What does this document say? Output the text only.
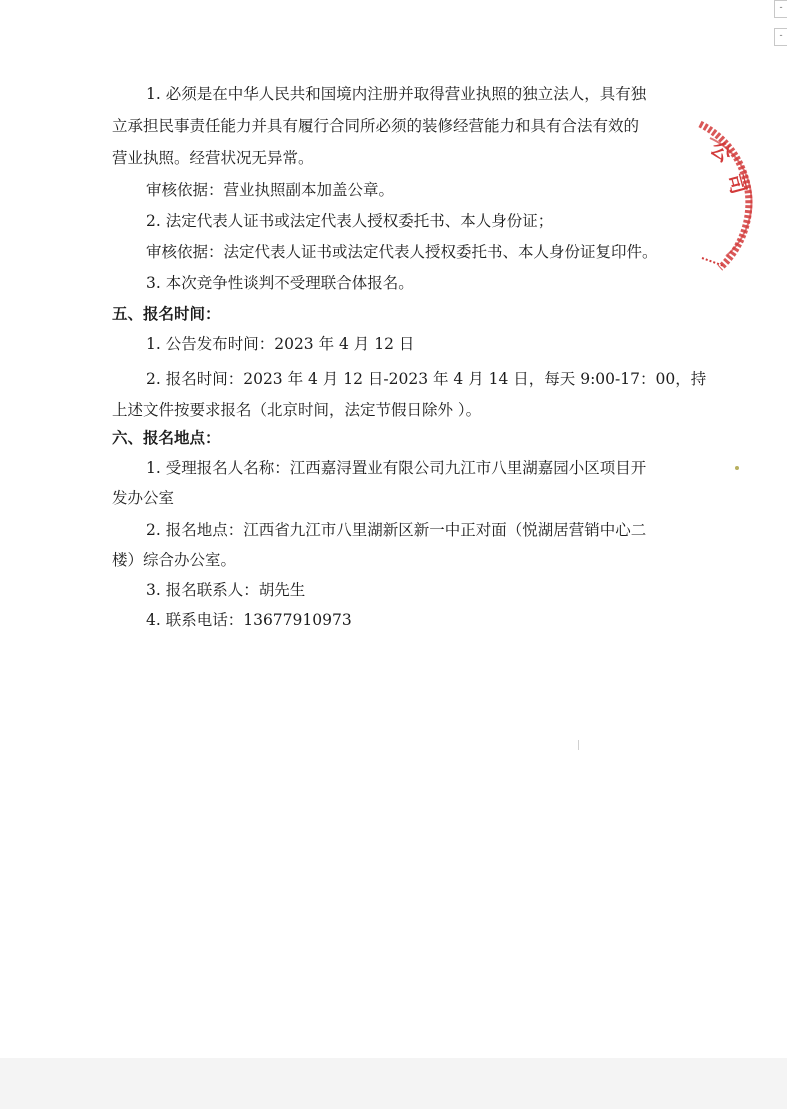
-
-
1. 必须是在中华人民共和国境内注册并取得营业执照的独立法人，具有独
立承担民事责任能力并具有履行合同所必须的装修经营能力和具有合法有效的
营业执照。经营状况无异常。
审核依据：营业执照副本加盖公章。
2. 法定代表人证书或法定代表人授权委托书、本人身份证；
审核依据：法定代表人证书或法定代表人授权委托书、本人身份证复印件。
3. 本次竞争性谈判不受理联合体报名。
五、报名时间：
1. 公告发布时间：2023 年 4 月 12 日
2. 报名时间：2023 年 4 月 12 日-2023 年 4 月 14 日，每天 9:00-17：00，持
上述文件按要求报名（北京时间，法定节假日除外 ）。
六、报名地点：
1. 受理报名人名称：江西嘉浔置业有限公司九江市八里湖嘉园小区项目开
发办公室
2. 报名地点：江西省九江市八里湖新区新一中正对面（悦湖居营销中心二
楼）综合办公室。
3. 报名联系人：胡先生
4. 联系电话：13677910973
公
司
